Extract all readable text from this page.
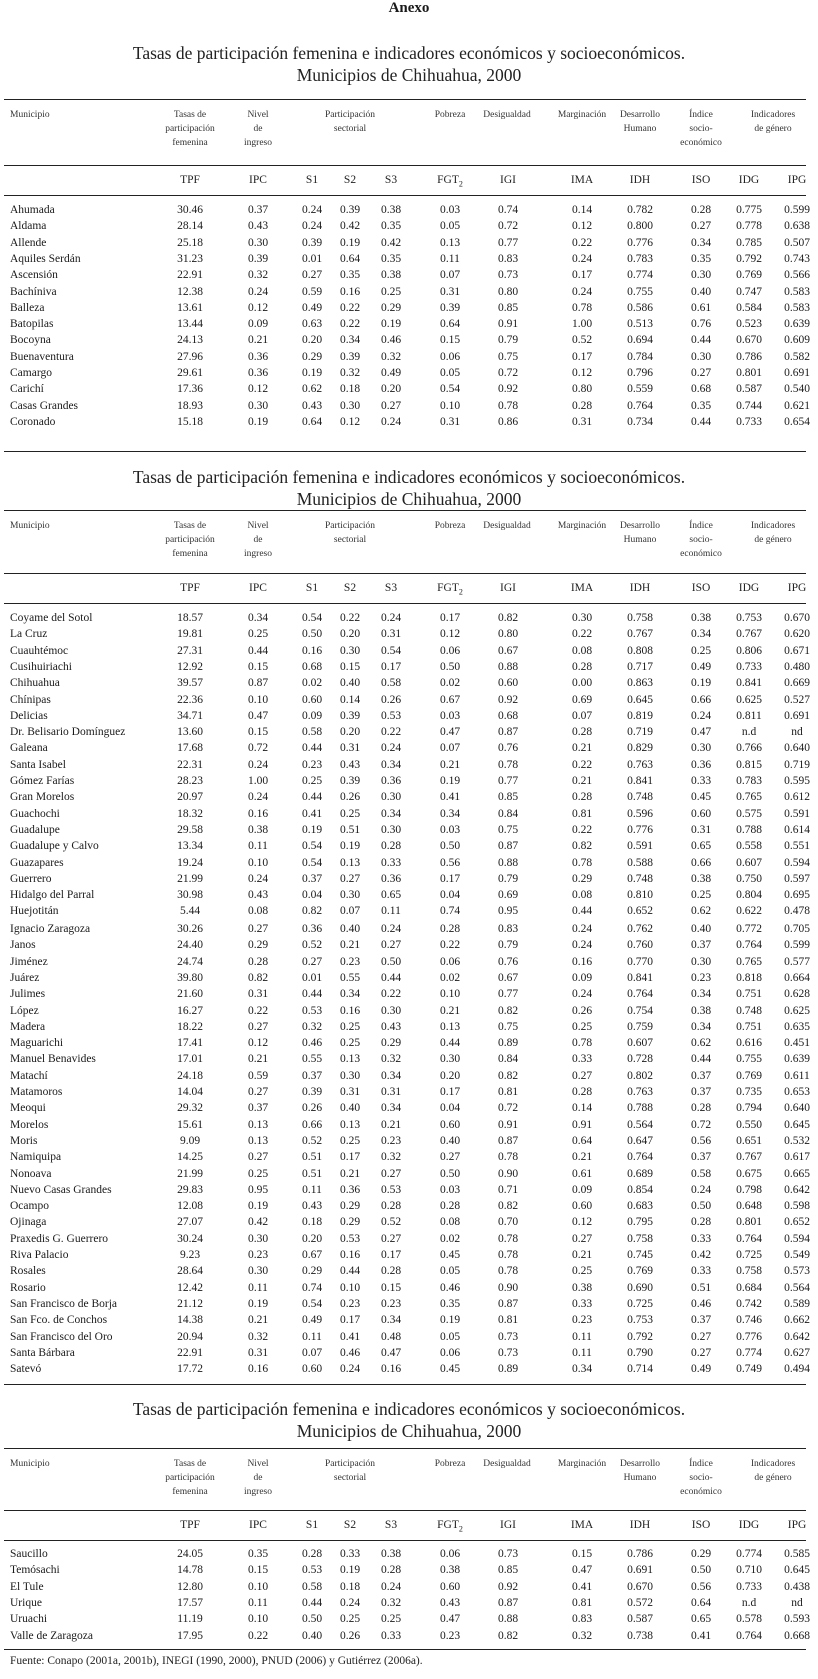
Anexo
Tasas de participación femenina e indicadores económicos y socioeconómicos.
Municipios de Chihuahua, 2000
Municipio	Tasas de
participación
femenina
Nivel
de
ingreso
Participación
sectorial
Pobreza	Desigualdad	Marginación	Desarrollo
Humano
Índice
socio-
económico
Indicadores
de género
TPF	IPC	S1	S2	S3	$FGT_2$	IGI	IMA	IDH	ISO	IDG	IPG
Ahumada	30.46	0.37	0.24 0.39 0.38	0.03	0.74	0.14	0.782	0.28 0.775 0.599
Aldama	28.14	0.43	0.24 0.42 0.35	0.05	0.72	0.12	0.800	0.27 0.778 0.638
Allende	25.18	0.30	0.39 0.19 0.42	0.13	0.77	0.22	0.776	0.34 0.785 0.507
Aquiles Serdán	31.23	0.39	0.01 0.64 0.35	0.11	0.83	0.24	0.783	0.35 0.792 0.743
Ascensión	22.91	0.32	0.27 0.35 0.38	0.07	0.73	0.17	0.774	0.30 0.769 0.566
Bachíniva	12.38	0.24	0.59 0.16 0.25	0.31	0.80	0.24	0.755	0.40 0.747 0.583
Balleza	13.61	0.12	0.49 0.22 0.29	0.39	0.85	0.78	0.586	0.61 0.584 0.583
Batopilas	13.44	0.09	0.63 0.22 0.19	0.64	0.91	1.00	0.513	0.76 0.523 0.639
Bocoyna	24.13	0.21	0.20 0.34 0.46	0.15	0.79	0.52	0.694	0.44 0.670 0.609
Buenaventura	27.96	0.36	0.29 0.39 0.32	0.06	0.75	0.17	0.784	0.30 0.786 0.582
Camargo	29.61	0.36	0.19 0.32 0.49	0.05	0.72	0.12	0.796	0.27 0.801 0.691
Carichí	17.36	0.12	0.62 0.18 0.20	0.54	0.92	0.80	0.559	0.68 0.587 0.540
Casas Grandes	18.93	0.30	0.43 0.30 0.27	0.10	0.78	0.28	0.764	0.35 0.744 0.621
Coronado	15.18	0.19	0.64 0.12 0.24	0.31	0.86	0.31	0.734	0.44 0.733 0.654
Tasas de participación femenina e indicadores económicos y socioeconómicos.
Municipios de Chihuahua, 2000
Municipio	Tasas de
participación
femenina
Nivel
de
ingreso
Participación
sectorial
Pobreza	Desigualdad	Marginación	Desarrollo
Humano
Índice
socio-
económico
Indicadores
de género
TPF	IPC	S1	S2	S3	$FGT_2$	IGI	IMA	IDH	ISO	IDG	IPG
Coyame del Sotol	18.57	0.34	0.54 0.22 0.24	0.17	0.82	0.30	0.758	0.38 0.753 0.670
La Cruz	19.81	0.25	0.50 0.20 0.31	0.12	0.80	0.22	0.767	0.34 0.767 0.620
Cuauhtémoc	27.31	0.44	0.16 0.30 0.54	0.06	0.67	0.08	0.808	0.25 0.806 0.671
Cusihuiriachi	12.92	0.15	0.68 0.15 0.17	0.50	0.88	0.28	0.717	0.49 0.733 0.480
Chihuahua	39.57	0.87	0.02 0.40 0.58	0.02	0.60	0.00	0.863	0.19 0.841 0.669
Chínipas	22.36	0.10	0.60 0.14 0.26	0.67	0.92	0.69	0.645	0.66 0.625 0.527
Delicias	34.71	0.47	0.09 0.39 0.53	0.03	0.68	0.07	0.819	0.24 0.811 0.691
Dr. Belisario Domínguez	13.60	0.15	0.58 0.20 0.22	0.47	0.87	0.28	0.719	0.47	n.d	nd
Galeana	17.68	0.72	0.44 0.31 0.24	0.07	0.76	0.21	0.829	0.30 0.766 0.640
Santa Isabel	22.31	0.24	0.23 0.43 0.34	0.21	0.78	0.22	0.763	0.36 0.815 0.719
Gómez Farías	28.23	1.00	0.25 0.39 0.36	0.19	0.77	0.21	0.841	0.33 0.783 0.595
Gran Morelos	20.97	0.24	0.44 0.26 0.30	0.41	0.85	0.28	0.748	0.45 0.765 0.612
Guachochi	18.32	0.16	0.41 0.25 0.34	0.34	0.84	0.81	0.596	0.60 0.575 0.591
Guadalupe	29.58	0.38	0.19 0.51 0.30	0.03	0.75	0.22	0.776	0.31 0.788 0.614
Guadalupe y Calvo	13.34	0.11	0.54 0.19 0.28	0.50	0.87	0.82	0.591	0.65 0.558 0.551
Guazapares	19.24	0.10	0.54 0.13 0.33	0.56	0.88	0.78	0.588	0.66 0.607 0.594
Guerrero	21.99	0.24	0.37 0.27 0.36	0.17	0.79	0.29	0.748	0.38 0.750 0.597
Hidalgo del Parral	30.98	0.43	0.04 0.30 0.65	0.04	0.69	0.08	0.810	0.25 0.804 0.695
Huejotitán	5.44	0.08	0.82 0.07 0.11	0.74	0.95	0.44	0.652	0.62 0.622 0.478
Ignacio Zaragoza	30.26	0.27	0.36 0.40 0.24	0.28	0.83	0.24	0.762	0.40 0.772 0.705
Janos	24.40	0.29	0.52 0.21 0.27	0.22	0.79	0.24	0.760	0.37 0.764 0.599
Jiménez	24.74	0.28	0.27 0.23 0.50	0.06	0.76	0.16	0.770	0.30 0.765 0.577
Juárez	39.80	0.82	0.01 0.55 0.44	0.02	0.67	0.09	0.841	0.23 0.818 0.664
Julimes	21.60	0.31	0.44 0.34 0.22	0.10	0.77	0.24	0.764	0.34 0.751 0.628
López	16.27	0.22	0.53 0.16 0.30	0.21	0.82	0.26	0.754	0.38 0.748 0.625
Madera	18.22	0.27	0.32 0.25 0.43	0.13	0.75	0.25	0.759	0.34 0.751 0.635
Maguarichi	17.41	0.12	0.46 0.25 0.29	0.44	0.89	0.78	0.607	0.62 0.616 0.451
Manuel Benavides	17.01	0.21	0.55 0.13 0.32	0.30	0.84	0.33	0.728	0.44 0.755 0.639
Matachí	24.18	0.59	0.37 0.30 0.34	0.20	0.82	0.27	0.802	0.37 0.769 0.611
Matamoros	14.04	0.27	0.39 0.31 0.31	0.17	0.81	0.28	0.763	0.37 0.735 0.653
Meoqui	29.32	0.37	0.26 0.40 0.34	0.04	0.72	0.14	0.788	0.28 0.794 0.640
Morelos	15.61	0.13	0.66 0.13 0.21	0.60	0.91	0.91	0.564	0.72 0.550 0.645
Moris	9.09	0.13	0.52 0.25 0.23	0.40	0.87	0.64	0.647	0.56 0.651 0.532
Namiquipa	14.25	0.27	0.51 0.17 0.32	0.27	0.78	0.21	0.764	0.37 0.767 0.617
Nonoava	21.99	0.25	0.51 0.21 0.27	0.50	0.90	0.61	0.689	0.58 0.675 0.665
Nuevo Casas Grandes	29.83	0.95	0.11 0.36 0.53	0.03	0.71	0.09	0.854	0.24 0.798 0.642
Ocampo	12.08	0.19	0.43 0.29 0.28	0.28	0.82	0.60	0.683	0.50 0.648 0.598
Ojinaga	27.07	0.42	0.18 0.29 0.52	0.08	0.70	0.12	0.795	0.28 0.801 0.652
Praxedis G. Guerrero	30.24	0.30	0.20 0.53 0.27	0.02	0.78	0.27	0.758	0.33 0.764 0.594
Riva Palacio	9.23	0.23	0.67 0.16 0.17	0.45	0.78	0.21	0.745	0.42 0.725 0.549
Rosales	28.64	0.30	0.29 0.44 0.28	0.05	0.78	0.25	0.769	0.33 0.758 0.573
Rosario	12.42	0.11	0.74 0.10 0.15	0.46	0.90	0.38	0.690	0.51 0.684 0.564
San Francisco de Borja	21.12	0.19	0.54 0.23 0.23	0.35	0.87	0.33	0.725	0.46 0.742 0.589
San Fco. de Conchos	14.38	0.21	0.49 0.17 0.34	0.19	0.81	0.23	0.753	0.37 0.746 0.662
San Francisco del Oro	20.94	0.32	0.11 0.41 0.48	0.05	0.73	0.11	0.792	0.27 0.776 0.642
Santa Bárbara	22.91	0.31	0.07 0.46 0.47	0.06	0.73	0.11	0.790	0.27 0.774 0.627
Satevó	17.72	0.16	0.60 0.24 0.16	0.45	0.89	0.34	0.714	0.49 0.749 0.494
Tasas de participación femenina e indicadores económicos y socioeconómicos.
Municipios de Chihuahua, 2000
Municipio	Tasas de
participación
femenina
Nivel
de
ingreso
Participación
sectorial
Pobreza	Desigualdad	Marginación	Desarrollo
Humano
Índice
socio-
económico
Indicadores
de género
TPF	IPC	S1	S2	S3	$FGT_2$	IGI	IMA	IDH	ISO	IDG	IPG
Saucillo	24.05	0.35	0.28 0.33 0.38	0.06	0.73	0.15	0.786	0.29 0.774 0.585
Temósachi	14.78	0.15	0.53 0.19 0.28	0.38	0.85	0.47	0.691	0.50 0.710 0.645
El Tule	12.80	0.10	0.58 0.18 0.24	0.60	0.92	0.41	0.670	0.56 0.733 0.438
Urique	17.57	0.11	0.44 0.24 0.32	0.43	0.87	0.81	0.572	0.64	n.d	nd
Uruachi	11.19	0.10	0.50 0.25 0.25	0.47	0.88	0.83	0.587	0.65 0.578 0.593
Valle de Zaragoza	17.95	0.22	0.40 0.26 0.33	0.23	0.82	0.32	0.738	0.41 0.764 0.668
Fuente: Conapo (2001a, 2001b), INEGI (1990, 2000), PNUD (2006) y Gutiérrez (2006a).
